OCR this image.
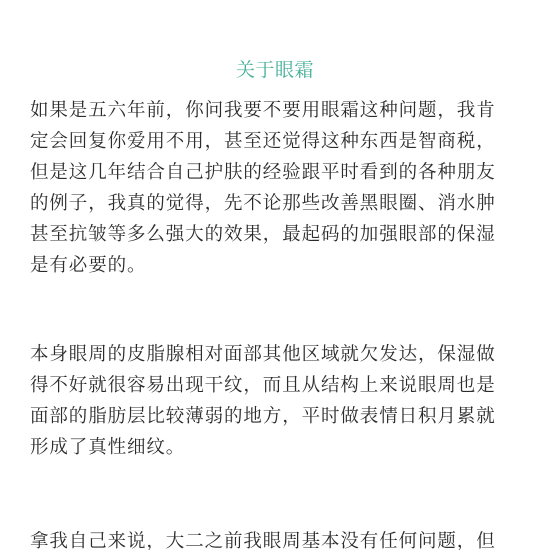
关于眼霜
如果是五六年前，你问我要不要用眼霜这种问题，我肯
定会回复你爱用不用，甚至还觉得这种东西是智商税，
但是这几年结合自己护肤的经验跟平时看到的各种朋友
的例子，我真的觉得，先不论那些改善黑眼圈、消水肿
甚至抗皱等多么强大的效果，最起码的加强眼部的保湿
是有必要的。
本身眼周的皮脂腺相对面部其他区域就欠发达，保湿做
得不好就很容易出现干纹，而且从结构上来说眼周也是
面部的脂肪层比较薄弱的地方，平时做表情日积月累就
形成了真性细纹。
拿我自己来说，大二之前我眼周基本没有任何问题，但
